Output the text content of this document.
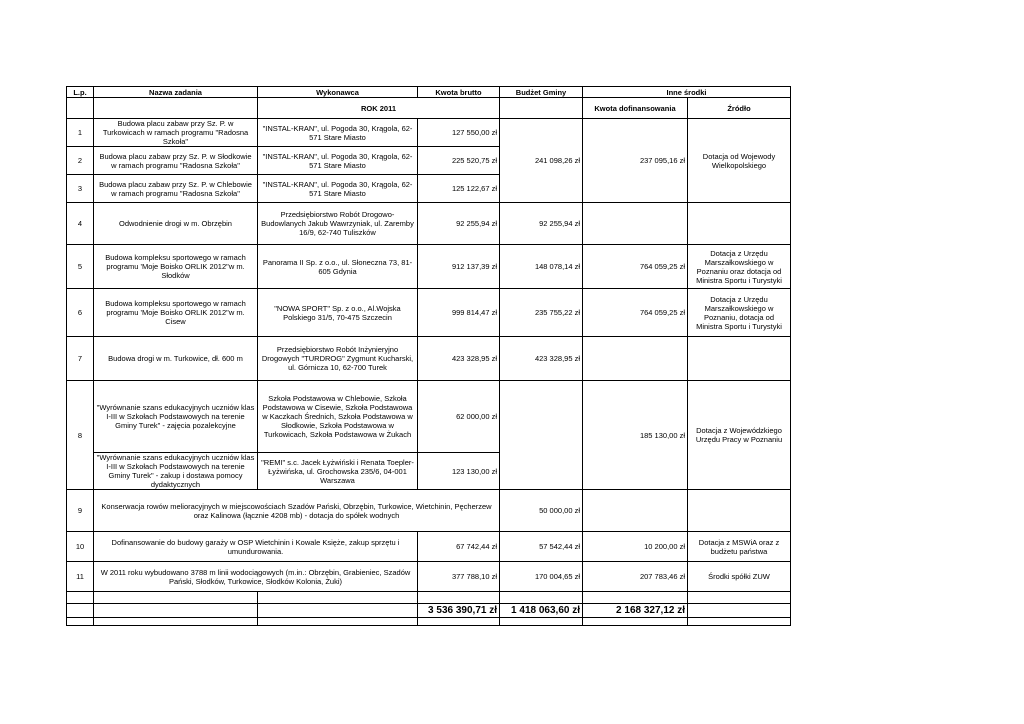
L.p.	Nazwa zadania	Wykonawca	Kwota brutto	Budżet Gminy	Inne środki	
		ROK 2011			Kwota dofinansowania	Źródło
1	Budowa placu zabaw przy Sz. P. w Turkowicach w ramach programu "Radosna Szkoła"	"INSTAL-KRAN", ul. Pogoda 30, Krągola, 62-571 Stare Miasto	127 550,00 zł	241 098,26 zł	237 095,16 zł	Dotacja od Wojewody Wielkopolskiego
2	Budowa placu zabaw przy Sz. P. w Słodkowie w ramach programu "Radosna Szkoła"	"INSTAL-KRAN", ul. Pogoda 30, Krągola, 62-571 Stare Miasto	225 520,75 zł			
3	Budowa placu zabaw przy Sz. P. w Chlebowie w ramach programu "Radosna Szkoła"	"INSTAL-KRAN", ul. Pogoda 30, Krągola, 62-571 Stare Miasto	125 122,67 zł			
4	Odwodnienie drogi w m. Obrzębin	Przedsiębiorstwo Robót Drogowo-Budowlanych Jakub Wawrzyniak, ul. Zaremby 16/9, 62-740 Tuliszków	92 255,94 zł	92 255,94 zł		
5	Budowa kompleksu sportowego w ramach programu 'Moje Boisko ORLIK 2012"w m. Słodków	Panorama II Sp. z o.o., ul. Słoneczna 73, 81-605 Gdynia	912 137,39 zł	148 078,14 zł	764 059,25 zł	Dotacja z Urzędu Marszałkowskiego w Poznaniu oraz dotacja od Ministra Sportu i Turystyki
6	Budowa kompleksu sportowego w ramach programu 'Moje Boisko ORLIK 2012"w m. Cisew	"NOWA SPORT" Sp. z o.o., Al.Wojska Polskiego 31/5, 70-475 Szczecin	999 814,47 zł	235 755,22 zł	764 059,25 zł	Dotacja z Urzędu Marszałkowskiego w Poznaniu, dotacja od Ministra Sportu i Turystyki
7	Budowa drogi w m. Turkowice, dł. 600 m	Przedsiębiorstwo Robót Inżynieryjno Drogowych "TURDROG" Zygmunt Kucharski, ul. Górnicza 10, 62-700 Turek	423 328,95 zł	423 328,95 zł		
8	"Wyrównanie szans edukacyjnych uczniów klas I-III w Szkołach Podstawowych na terenie Gminy Turek" - zajęcia pozalekcyjne	Szkoła Podstawowa w Chlebowie, Szkoła Podstawowa w Cisewie, Szkoła Podstawowa w Kaczkach Średnich, Szkoła Podstawowa w Słodkowie, Szkoła Podstawowa w Turkowicach, Szkoła Podstawowa w Żukach	62 000,00 zł		185 130,00 zł	Dotacja z Wojewódzkiego Urzędu Pracy w Poznaniu
	"Wyrównanie szans edukacyjnych uczniów klas I-III w Szkołach Podstawowych na terenie Gminy Turek" - zakup i dostawa pomocy dydaktycznych	"REMI" s.c. Jacek Łyżwiński i Renata Toepler-Łyżwińska, ul. Grochowska 235/6, 04-001 Warszawa	123 130,00 zł			
9	Konserwacja rowów melioracyjnych w miejscowościach Szadów Pański, Obrzębin, Turkowice, Wietchinin, Pęcherzew oraz Kalinowa (łącznie 4208 mb) - dotacja do spółek wodnych			50 000,00 zł		
10	Dofinansowanie do budowy garaży w OSP Wietchinin i Kowale Księże, zakup sprzętu i umundurowania.		67 742,44 zł	57 542,44 zł	10 200,00 zł	Dotacja z MSWiA oraz z budżetu państwa
11	W 2011 roku wybudowano 3788 m linii wodociągowych (m.in.: Obrzębin, Grabieniec, Szadów Pański, Słodków, Turkowice, Słodków Kolonia, Żuki)		377 788,10 zł	170 004,65 zł	207 783,46 zł	Środki spółki ZUW

			3 536 390,71 zł	1 418 063,60 zł	2 168 327,12 zł	
